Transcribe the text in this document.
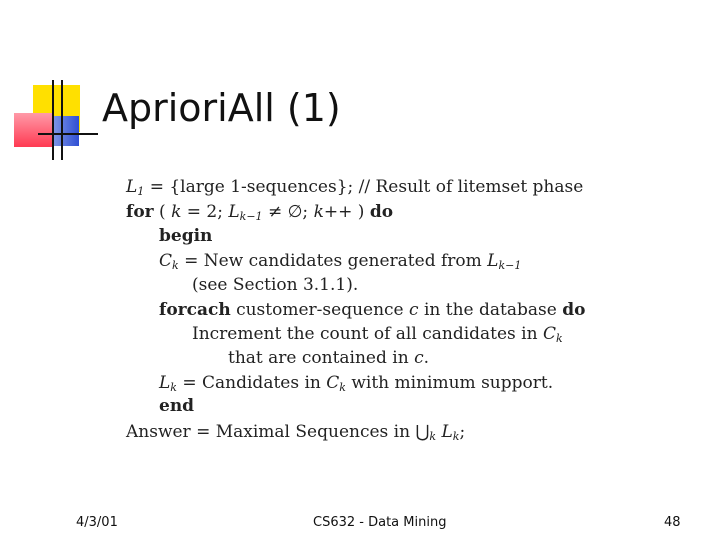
AprioriAll (1)
$L_1$ = {large 1-sequences}; // Result of litemset phase
for ( k = 2; $L_{k-1}$ ≠ ∅; k++ ) do
begin
$C_k$ = New candidates generated from $L_{k-1}$
(see Section 3.1.1).
forcach customer-sequence c in the database do
Increment the count of all candidates in $C_k$
that are contained in c.
$L_k$ = Candidates in $C_k$ with minimum support.
end
Answer = Maximal Sequences in $⋃_k$ $L_k$;
4/3/01	CS632 - Data Mining	48
